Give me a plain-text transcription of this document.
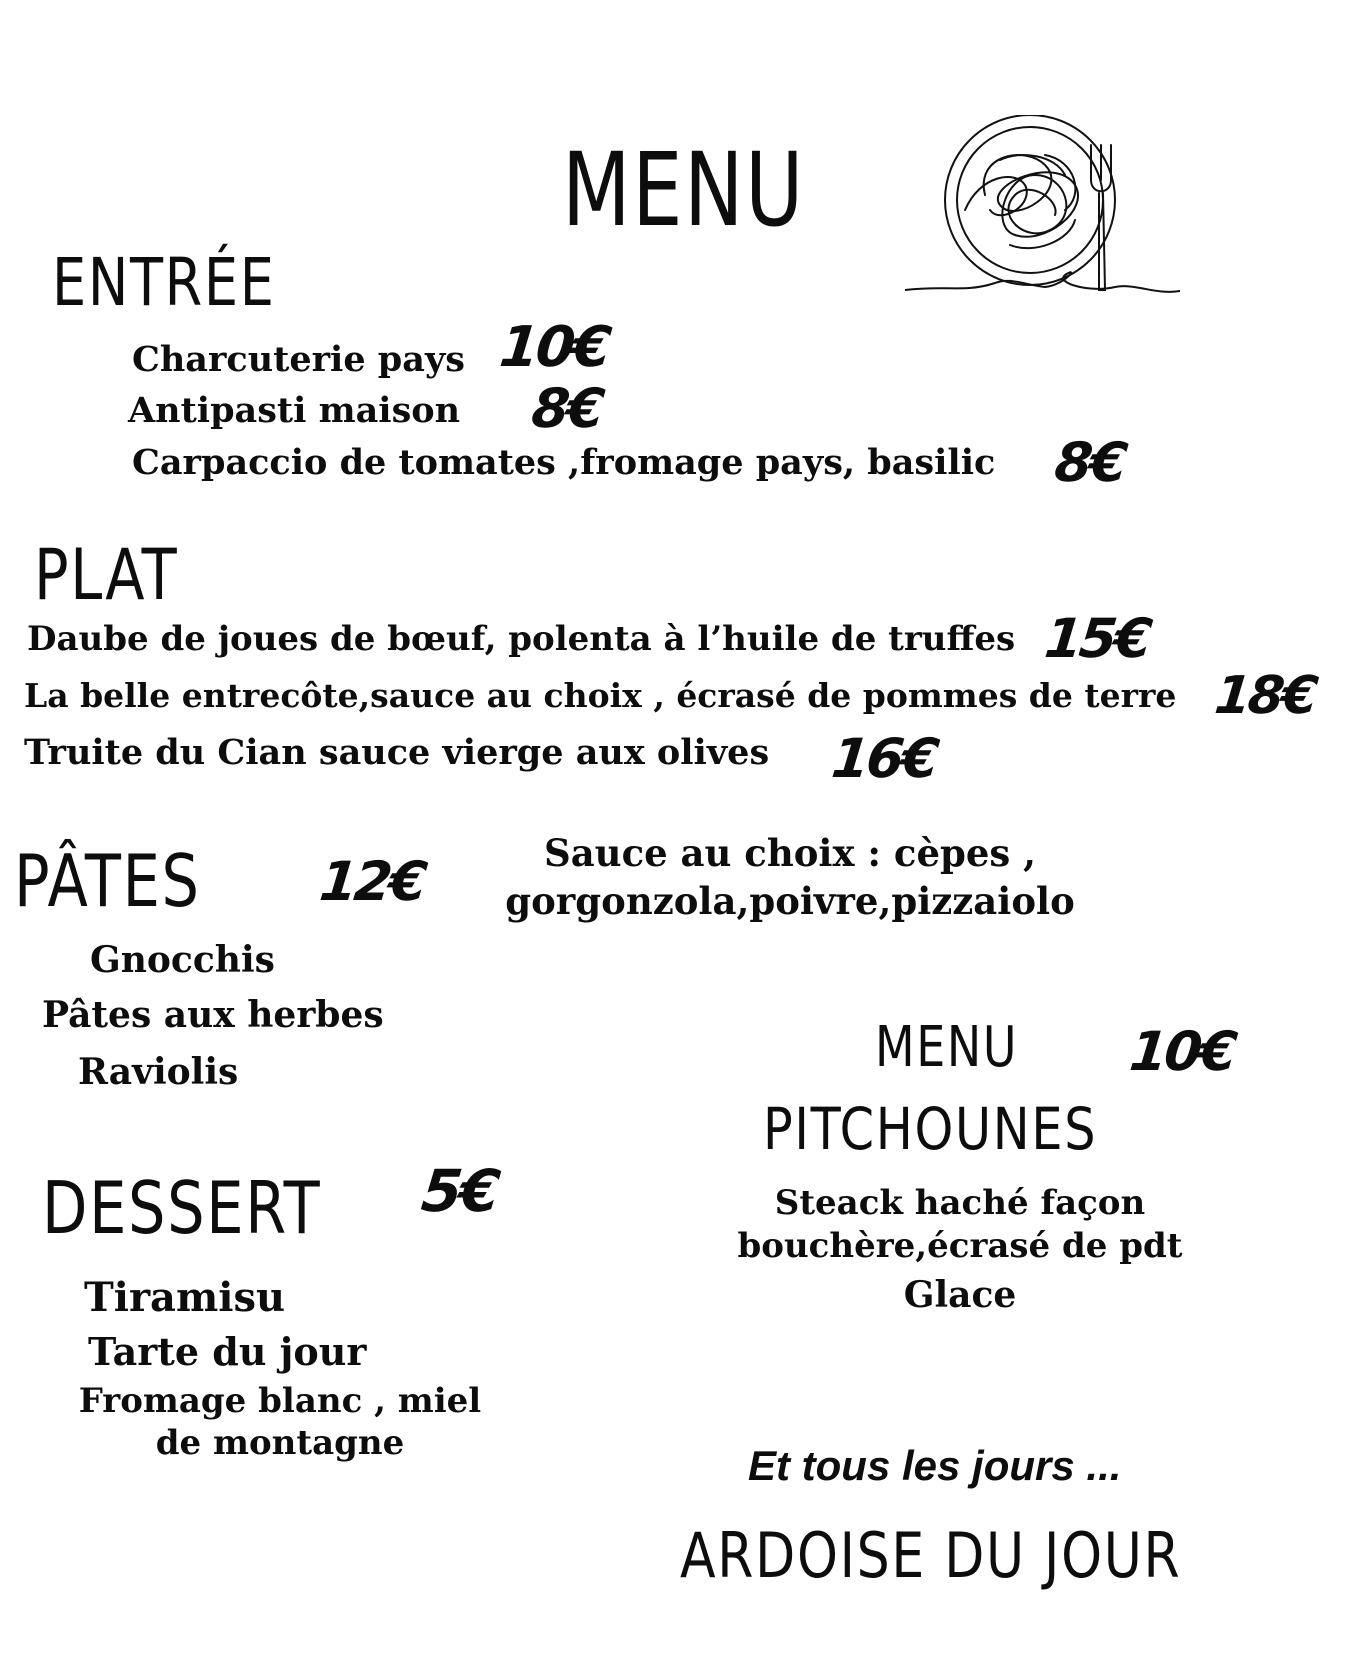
MENU
ENTRÉE
Charcuterie pays 10€
Antipasti maison 8€
Carpaccio de tomates ,fromage pays, basilic 8€
PLAT
Daube de joues de bœuf, polenta à l’huile de truffes 15€
La belle entrecôte,sauce au choix , écrasé de pommes de terre 18€
Truite du Cian sauce vierge aux olives 16€
PÂTES 12€	Sauce au choix : cèpes ,
gorgonzola,poivre,pizzaiolo
Gnocchis
Pâtes aux herbes
Raviolis	MENU 10€
PITCHOUNES
Steack haché façon
bouchère,écrasé de pdt
Glace
DESSERT 5€
Tiramisu
Tarte du jour
Fromage blanc , miel
de montagne	Et tous les jours ...
ARDOISE DU JOUR
